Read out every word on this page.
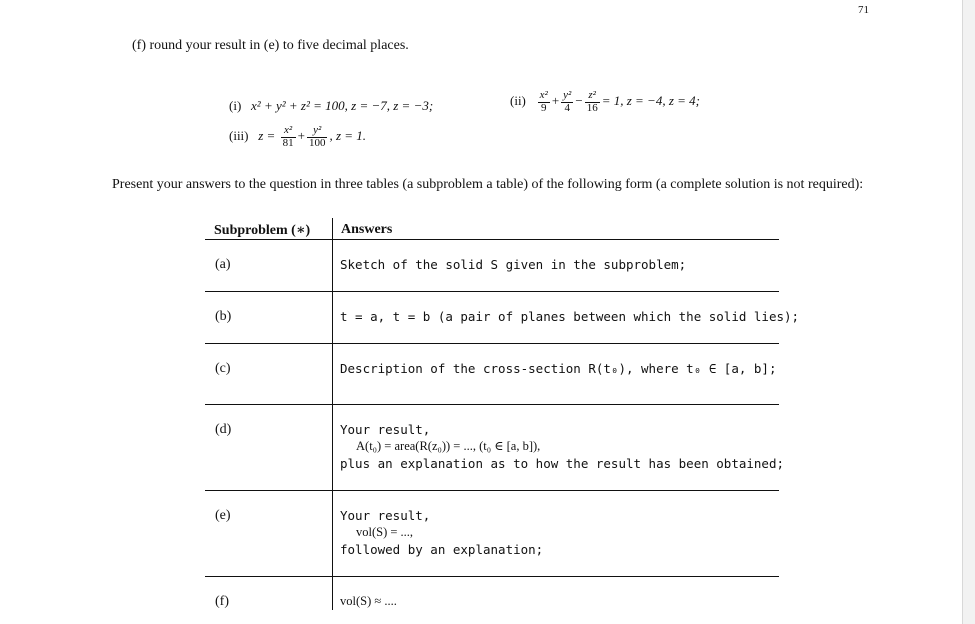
71
(f) round your result in (e) to five decimal places.
(i) x² + y² + z² = 100, z = −7, z = −3;	$(ii) \frac{\text{x²}}{9} + \frac{\text{y²}}{4} - \frac{\text{z²}}{16} = 1$, z = −4, z = 4;
(iii) $z = \frac{\text{x²}}{81} + \frac{\text{y²}}{100}$ , z = 1.
Present your answers to the question in three tables (a subproblem a table) of the following form (a complete solution is not required):
Subproblem (∗) Answers
(a)	Sketch of the solid S given in the subproblem;
(b)	t = a, t = b (a pair of planes between which the solid lies);
(c)	Description of the cross-section R(t₀), where t₀ ∈ [a, b];
(d)	Your result,
A(t₀) = area(R(z₀)) = ..., (t₀ ∈ [a, b]),
plus an explanation as to how the result has been obtained;
(e)	Your result,
vol(S) = ...,
followed by an explanation;
(f)	vol(S) ≈ ....
